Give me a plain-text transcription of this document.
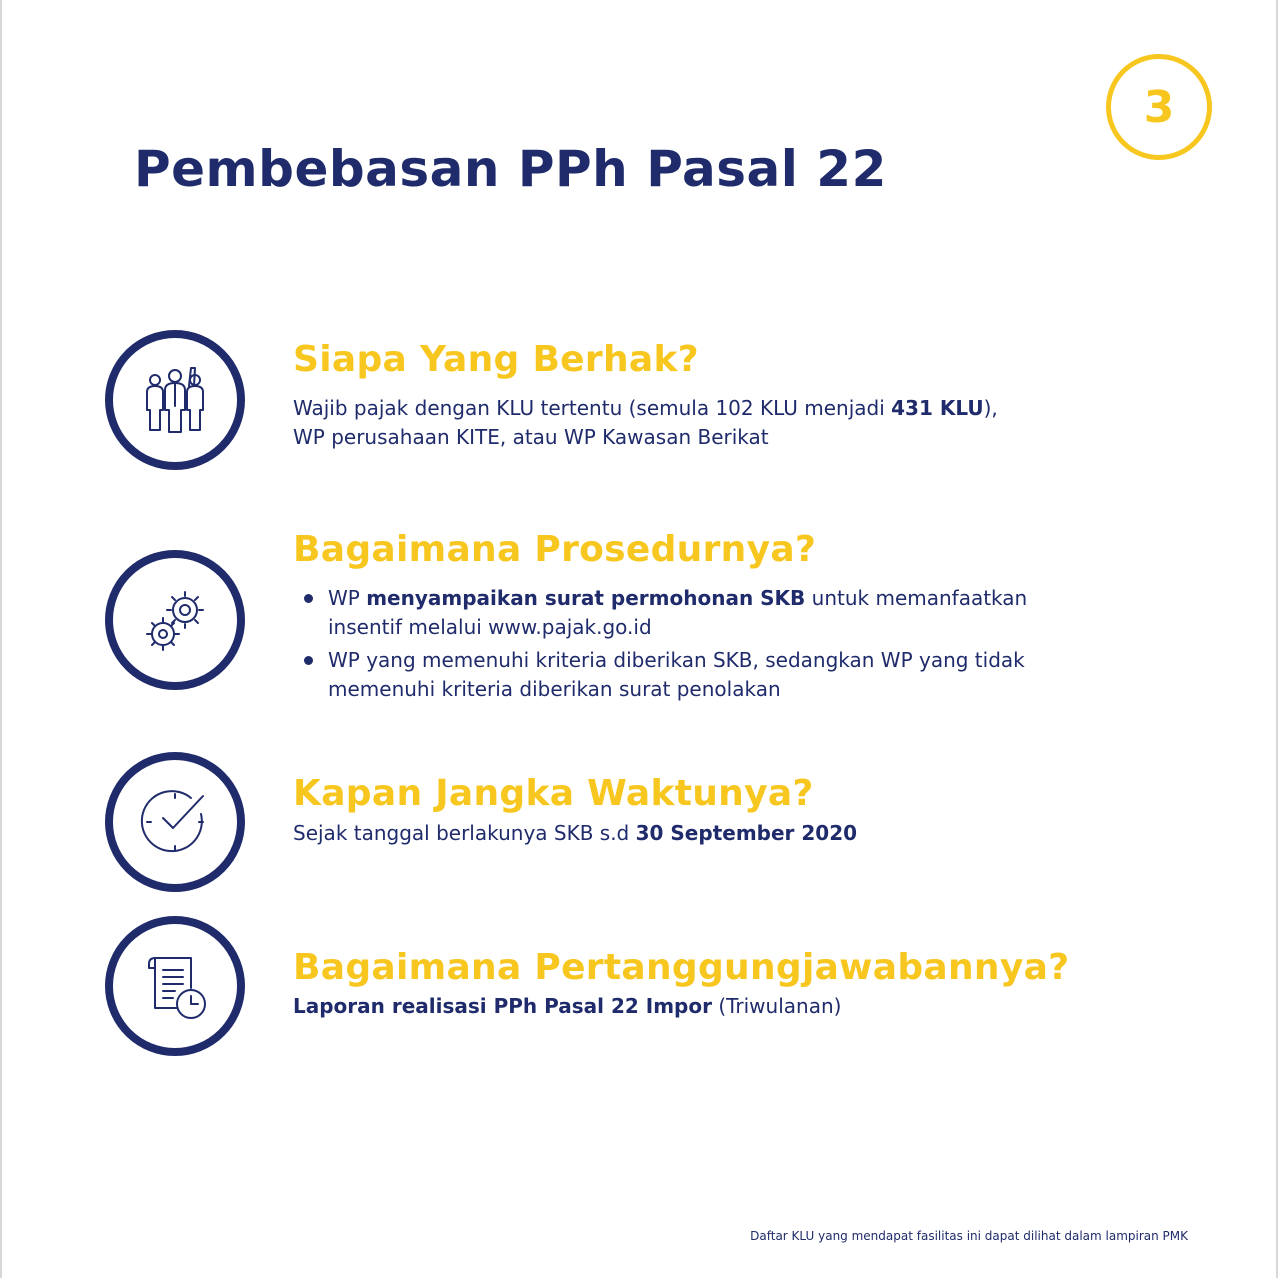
3
Pembebasan PPh Pasal 22
Siapa Yang Berhak?

Wajib pajak dengan KLU tertentu (semula 102 KLU menjadi 431 KLU),
WP perusahaan KITE, atau WP Kawasan Berikat

Bagaimana Prosedurnya?
WP menyampaikan surat permohonan SKB untuk memanfaatkan insentif melalui www.pajak.go.id
WP yang memenuhi kriteria diberikan SKB, sedangkan WP yang tidak memenuhi kriteria diberikan surat penolakan
Kapan Jangka Waktunya?

Sejak tanggal berlakunya SKB s.d 30 September 2020

Bagaimana Pertanggungjawabannya?

Laporan realisasi PPh Pasal 22 Impor (Triwulanan)

Daftar KLU yang mendapat fasilitas ini dapat dilihat dalam lampiran PMK
